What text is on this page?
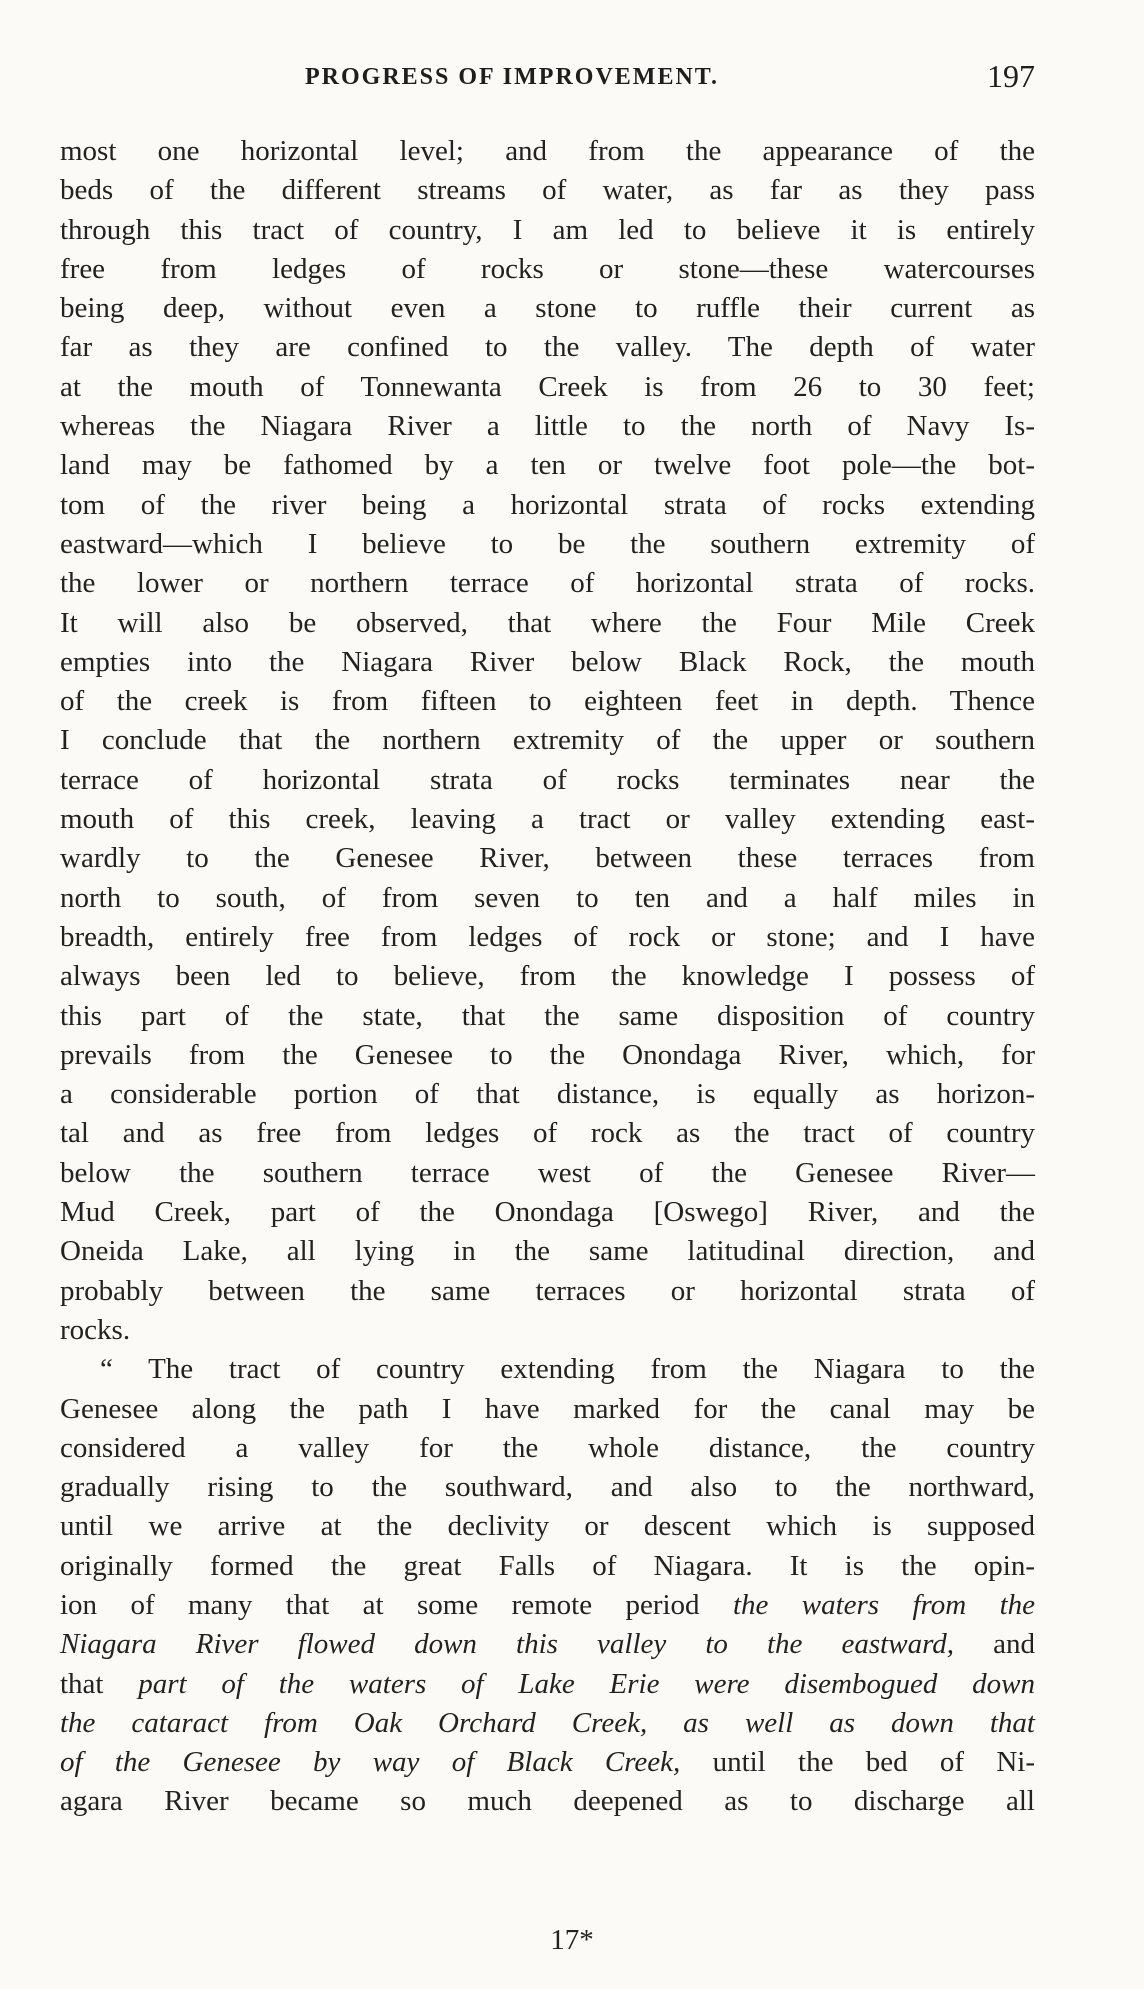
PROGRESS OF IMPROVEMENT.	197
most one horizontal level; and from the appearance of the
beds of the different streams of water, as far as they pass
through this tract of country, I am led to believe it is entirely
free from ledges of rocks or stone—these watercourses
being deep, without even a stone to ruffle their current as
far as they are confined to the valley. The depth of water
at the mouth of Tonnewanta Creek is from 26 to 30 feet;
whereas the Niagara River a little to the north of Navy Is-
land may be fathomed by a ten or twelve foot pole—the bot-
tom of the river being a horizontal strata of rocks extending
eastward—which I believe to be the southern extremity of
the lower or northern terrace of horizontal strata of rocks.
It will also be observed, that where the Four Mile Creek
empties into the Niagara River below Black Rock, the mouth
of the creek is from fifteen to eighteen feet in depth. Thence
I conclude that the northern extremity of the upper or southern
terrace of horizontal strata of rocks terminates near the
mouth of this creek, leaving a tract or valley extending east-
wardly to the Genesee River, between these terraces from
north to south, of from seven to ten and a half miles in
breadth, entirely free from ledges of rock or stone; and I have
always been led to believe, from the knowledge I possess of
this part of the state, that the same disposition of country
prevails from the Genesee to the Onondaga River, which, for
a considerable portion of that distance, is equally as horizon-
tal and as free from ledges of rock as the tract of country
below the southern terrace west of the Genesee River—
Mud Creek, part of the Onondaga [Oswego] River, and the
Oneida Lake, all lying in the same latitudinal direction, and
probably between the same terraces or horizontal strata of
rocks.
“ The tract of country extending from the Niagara to the
Genesee along the path I have marked for the canal may be
considered a valley for the whole distance, the country
gradually rising to the southward, and also to the northward,
until we arrive at the declivity or descent which is supposed
originally formed the great Falls of Niagara. It is the opin-
ion of many that at some remote period the waters from the
Niagara River flowed down this valley to the eastward, and
that part of the waters of Lake Erie were disembogued down
the cataract from Oak Orchard Creek, as well as down that
of the Genesee by way of Black Creek, until the bed of Ni-
agara River became so much deepened as to discharge all
17*
